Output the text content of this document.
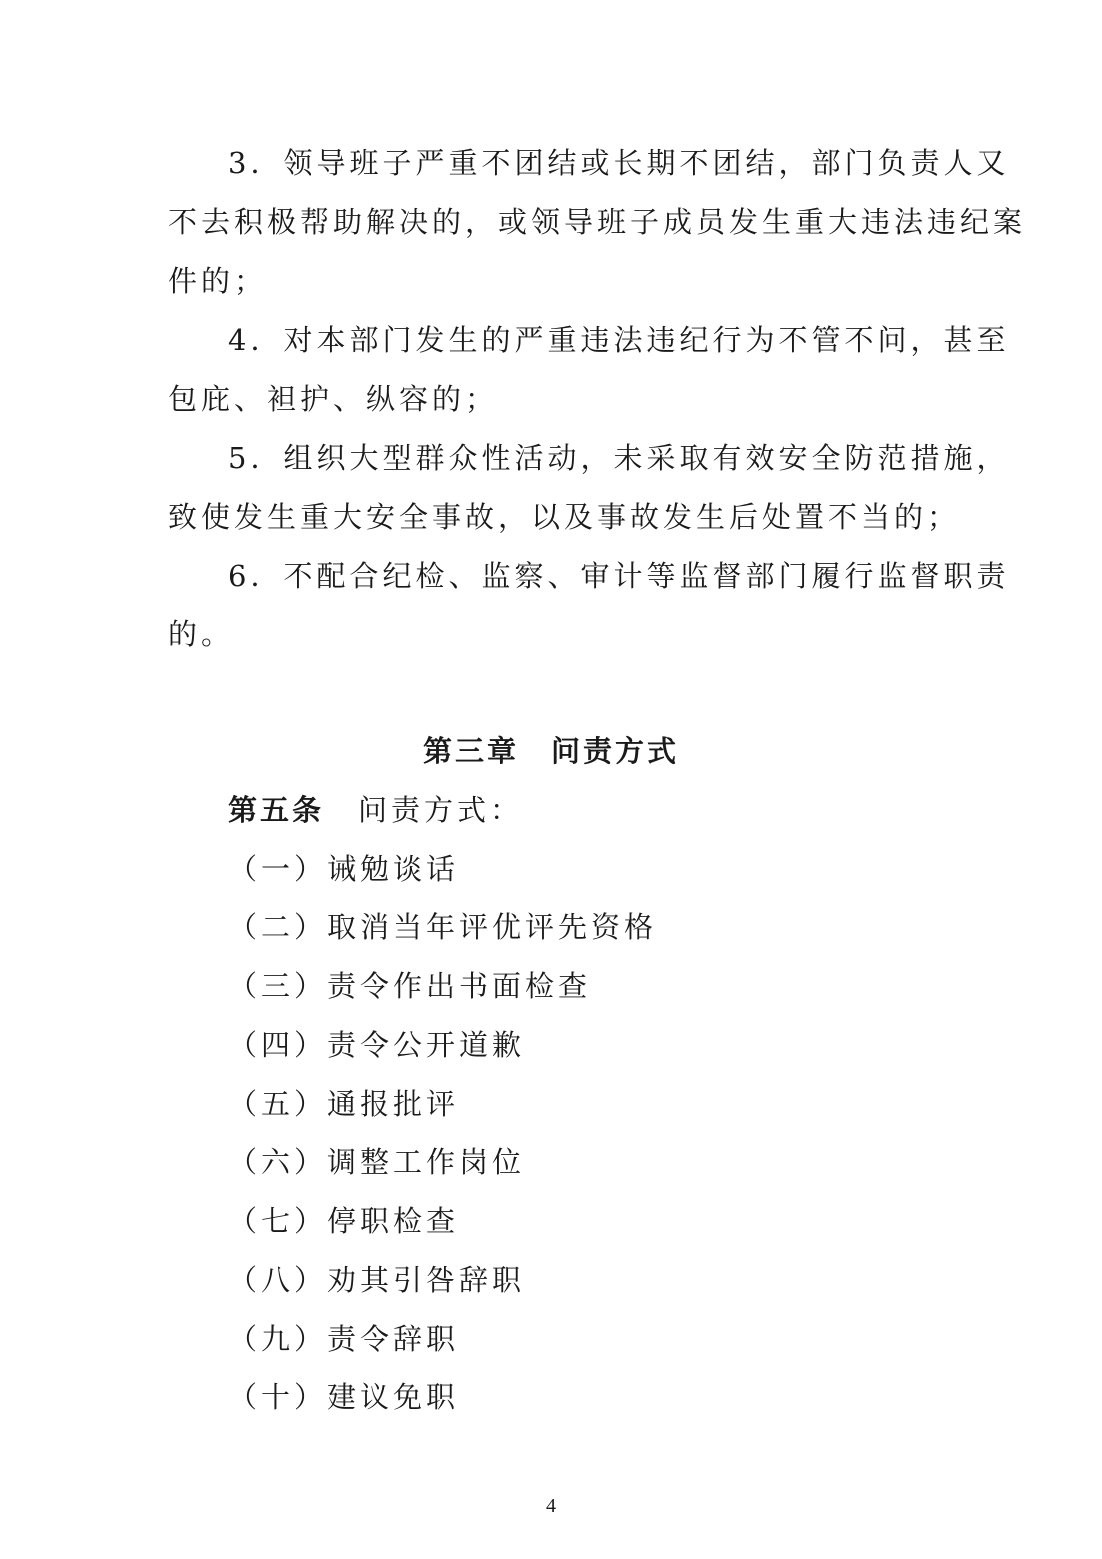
3．领导班子严重不团结或长期不团结，部门负责人又
不去积极帮助解决的，或领导班子成员发生重大违法违纪案
件的；
4．对本部门发生的严重违法违纪行为不管不问，甚至
包庇、袒护、纵容的；
5．组织大型群众性活动，未采取有效安全防范措施，
致使发生重大安全事故，以及事故发生后处置不当的；
6．不配合纪检、监察、审计等监督部门履行监督职责
的。
第三章　问责方式
第五条 问责方式：
（一）诫勉谈话
（二）取消当年评优评先资格
（三）责令作出书面检查
（四）责令公开道歉
（五）通报批评
（六）调整工作岗位
（七）停职检查
（八）劝其引咎辞职
（九）责令辞职
（十）建议免职
4
